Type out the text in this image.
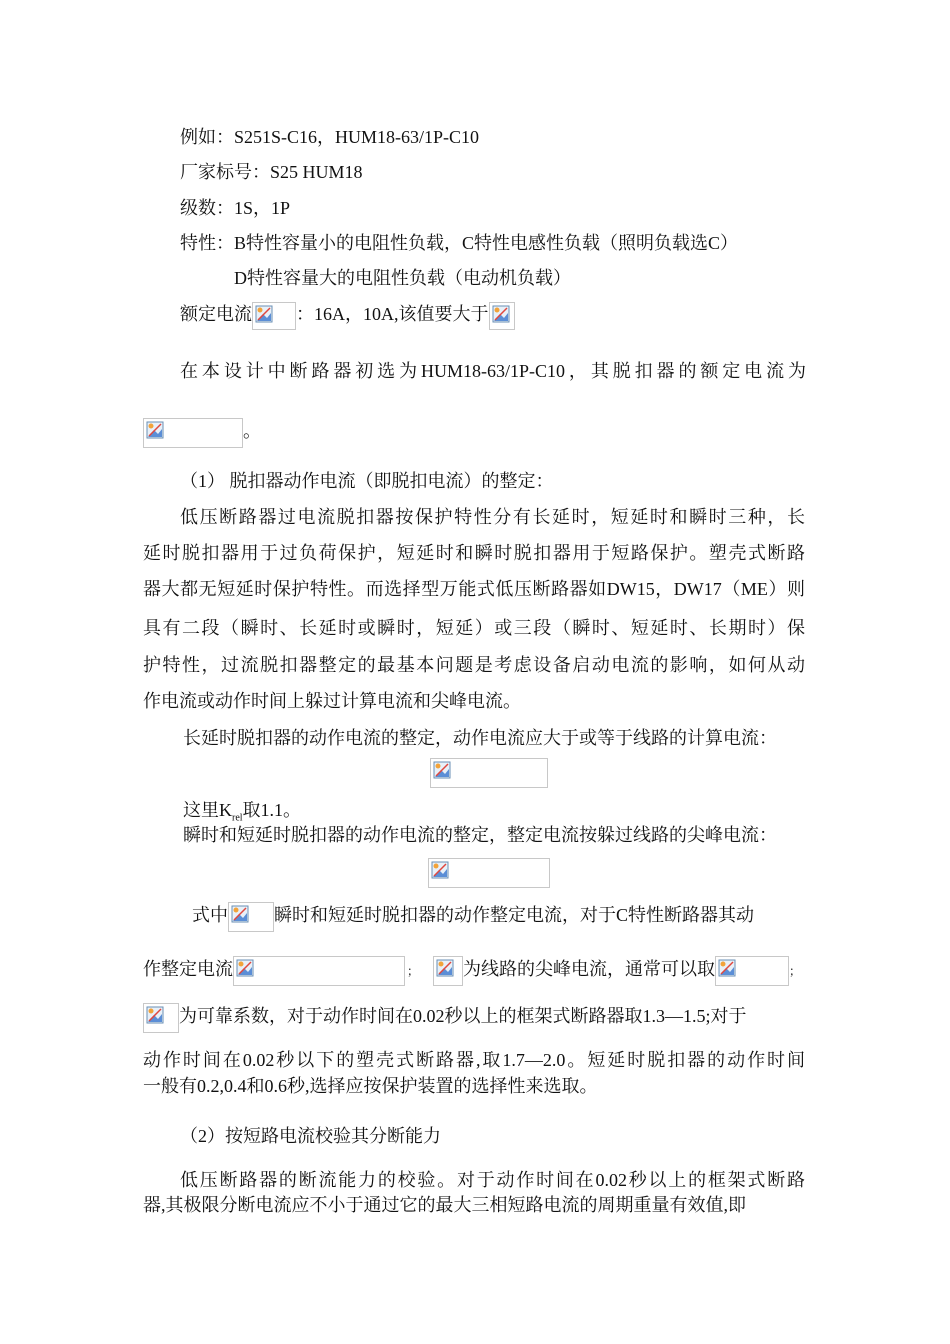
例如：S251S-C16，HUM18-63/1P-C10
厂家标号：S25 HUM18
级数：1S，1P
特性：B特性容量小的电阻性负载，C特性电感性负载（照明负载选C）
D特性容量大的电阻性负载（电动机负载）
额定电流 ：16A，10A,该值要大于
在本设计中断路器初选为HUM18-63/1P-C10，其脱扣器的额定电流为
。
（1） 脱扣器动作电流（即脱扣电流）的整定：
低压断路器过电流脱扣器按保护特性分有长延时，短延时和瞬时三种，长
延时脱扣器用于过负荷保护，短延时和瞬时脱扣器用于短路保护。塑壳式断路
器大都无短延时保护特性。而选择型万能式低压断路器如DW15，DW17（ME）则
具有二段（瞬时、长延时或瞬时，短延）或三段（瞬时、短延时、长期时）保
护特性，过流脱扣器整定的最基本问题是考虑设备启动电流的影响，如何从动
作电流或动作时间上躲过计算电流和尖峰电流。
长延时脱扣器的动作电流的整定，动作电流应大于或等于线路的计算电流：
这里$K_{rel}$取1.1。
瞬时和短延时脱扣器的动作电流的整定，整定电流按躲过线路的尖峰电流：
式中	瞬时和短延时脱扣器的动作整定电流，对于C特性断路器其动
作整定电流	； 为线路的尖峰电流，通常可以取	；
为可靠系数，对于动作时间在0.02秒以上的框架式断路器取1.3—1.5;对于
动作时间在0.02秒以下的塑壳式断路器,取1.7—2.0。短延时脱扣器的动作时间
一般有0.2,0.4和0.6秒,选择应按保护装置的选择性来选取。
（2）按短路电流校验其分断能力
低压断路器的断流能力的校验。对于动作时间在0.02秒以上的框架式断路
器,其极限分断电流应不小于通过它的最大三相短路电流的周期重量有效值,即
